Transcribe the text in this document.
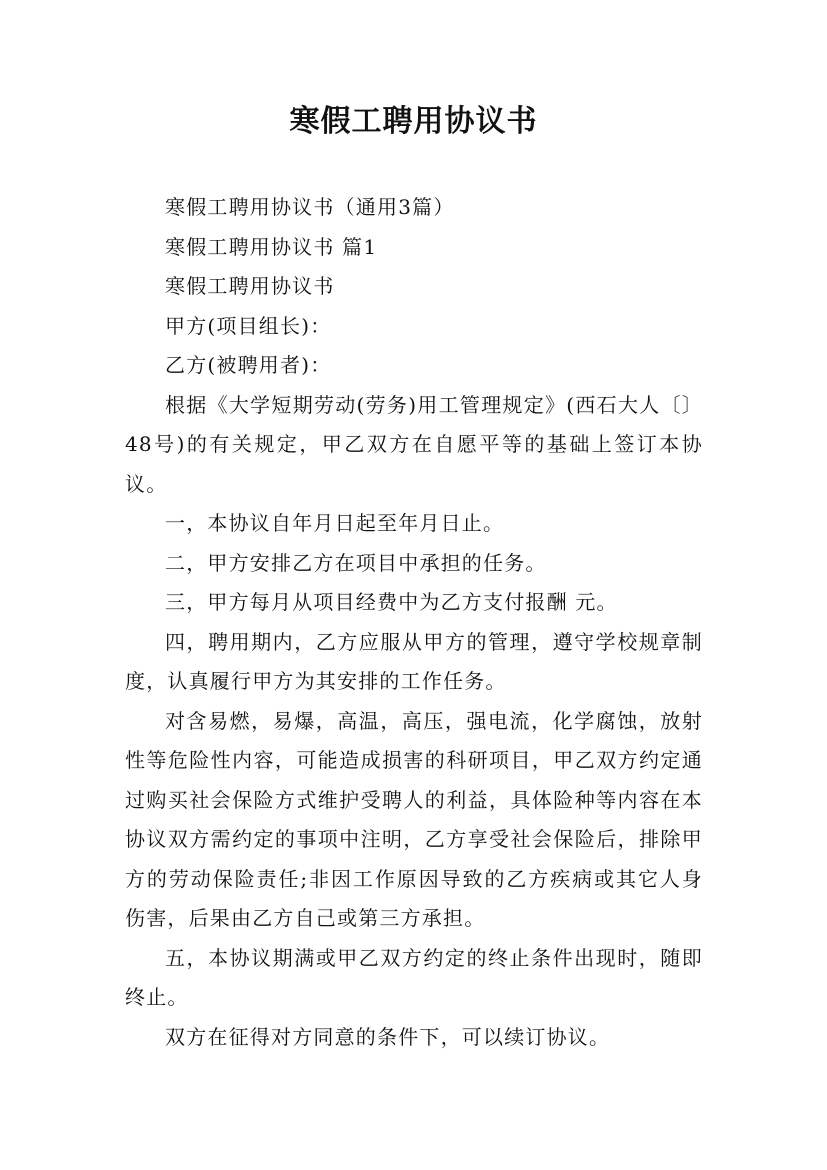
寒假工聘用协议书

寒假工聘用协议书（通用3篇）

寒假工聘用协议书 篇1

寒假工聘用协议书

甲方(项目组长)：

乙方(被聘用者)：

根据《大学短期劳动(劳务)用工管理规定》(西石大人〔〕48号)的有关规定，甲乙双方在自愿平等的基础上签订本协议。

一，本协议自年月日起至年月日止。

二，甲方安排乙方在项目中承担的任务。

三，甲方每月从项目经费中为乙方支付报酬 元。

四，聘用期内，乙方应服从甲方的管理，遵守学校规章制度，认真履行甲方为其安排的工作任务。

对含易燃，易爆，高温，高压，强电流，化学腐蚀，放射性等危险性内容，可能造成损害的科研项目，甲乙双方约定通过购买社会保险方式维护受聘人的利益，具体险种等内容在本协议双方需约定的事项中注明，乙方享受社会保险后，排除甲方的劳动保险责任;非因工作原因导致的乙方疾病或其它人身伤害，后果由乙方自己或第三方承担。

五，本协议期满或甲乙双方约定的终止条件出现时，随即终止。

双方在征得对方同意的条件下，可以续订协议。
